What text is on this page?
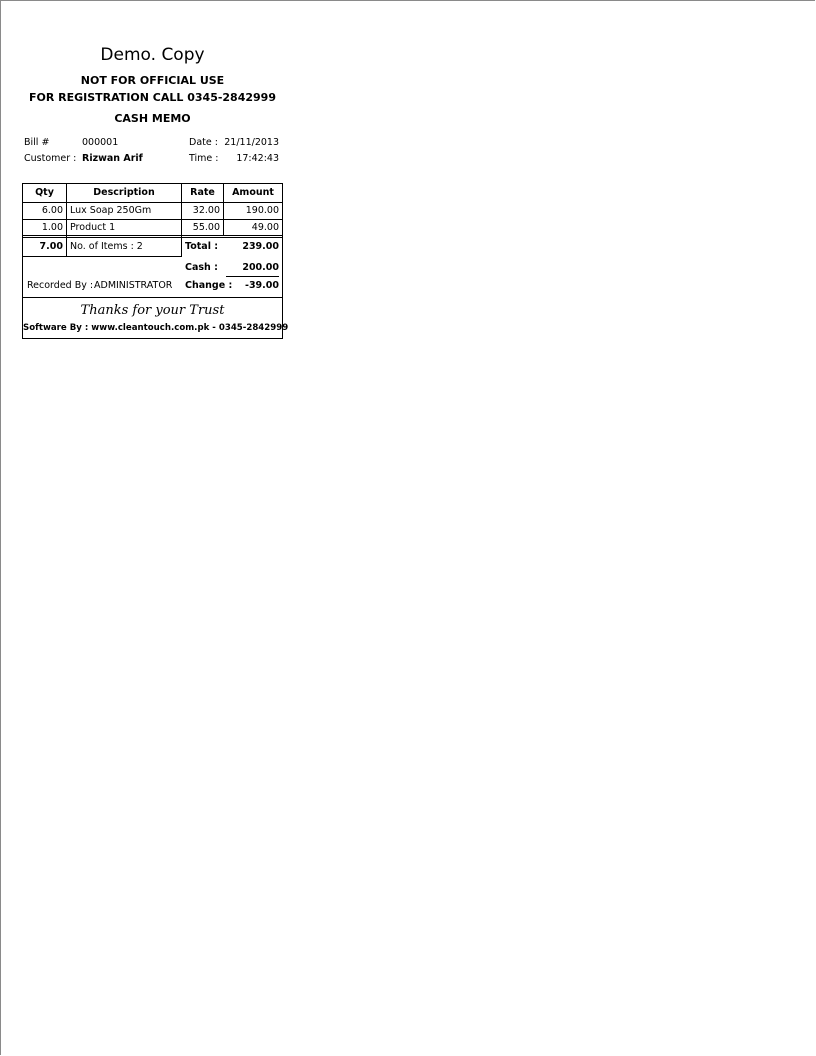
Demo. Copy
NOT FOR OFFICIAL USE
FOR REGISTRATION CALL 0345-2842999
CASH MEMO
Bill #	000001	Date : 21/11/2013
Customer : Rizwan Arif	Time :	17:42:43
Qty	Description	Rate	Amount
6.00 Lux Soap 250Gm	32.00	190.00
1.00 Product 1	55.00	49.00
7.00 No. of Items : 2	Total :	239.00
Cash :	200.00
Recorded By : ADMINISTRATOR Change :	-39.00
Thanks for your Trust
Software By : www.cleantouch.com.pk - 0345-2842999
